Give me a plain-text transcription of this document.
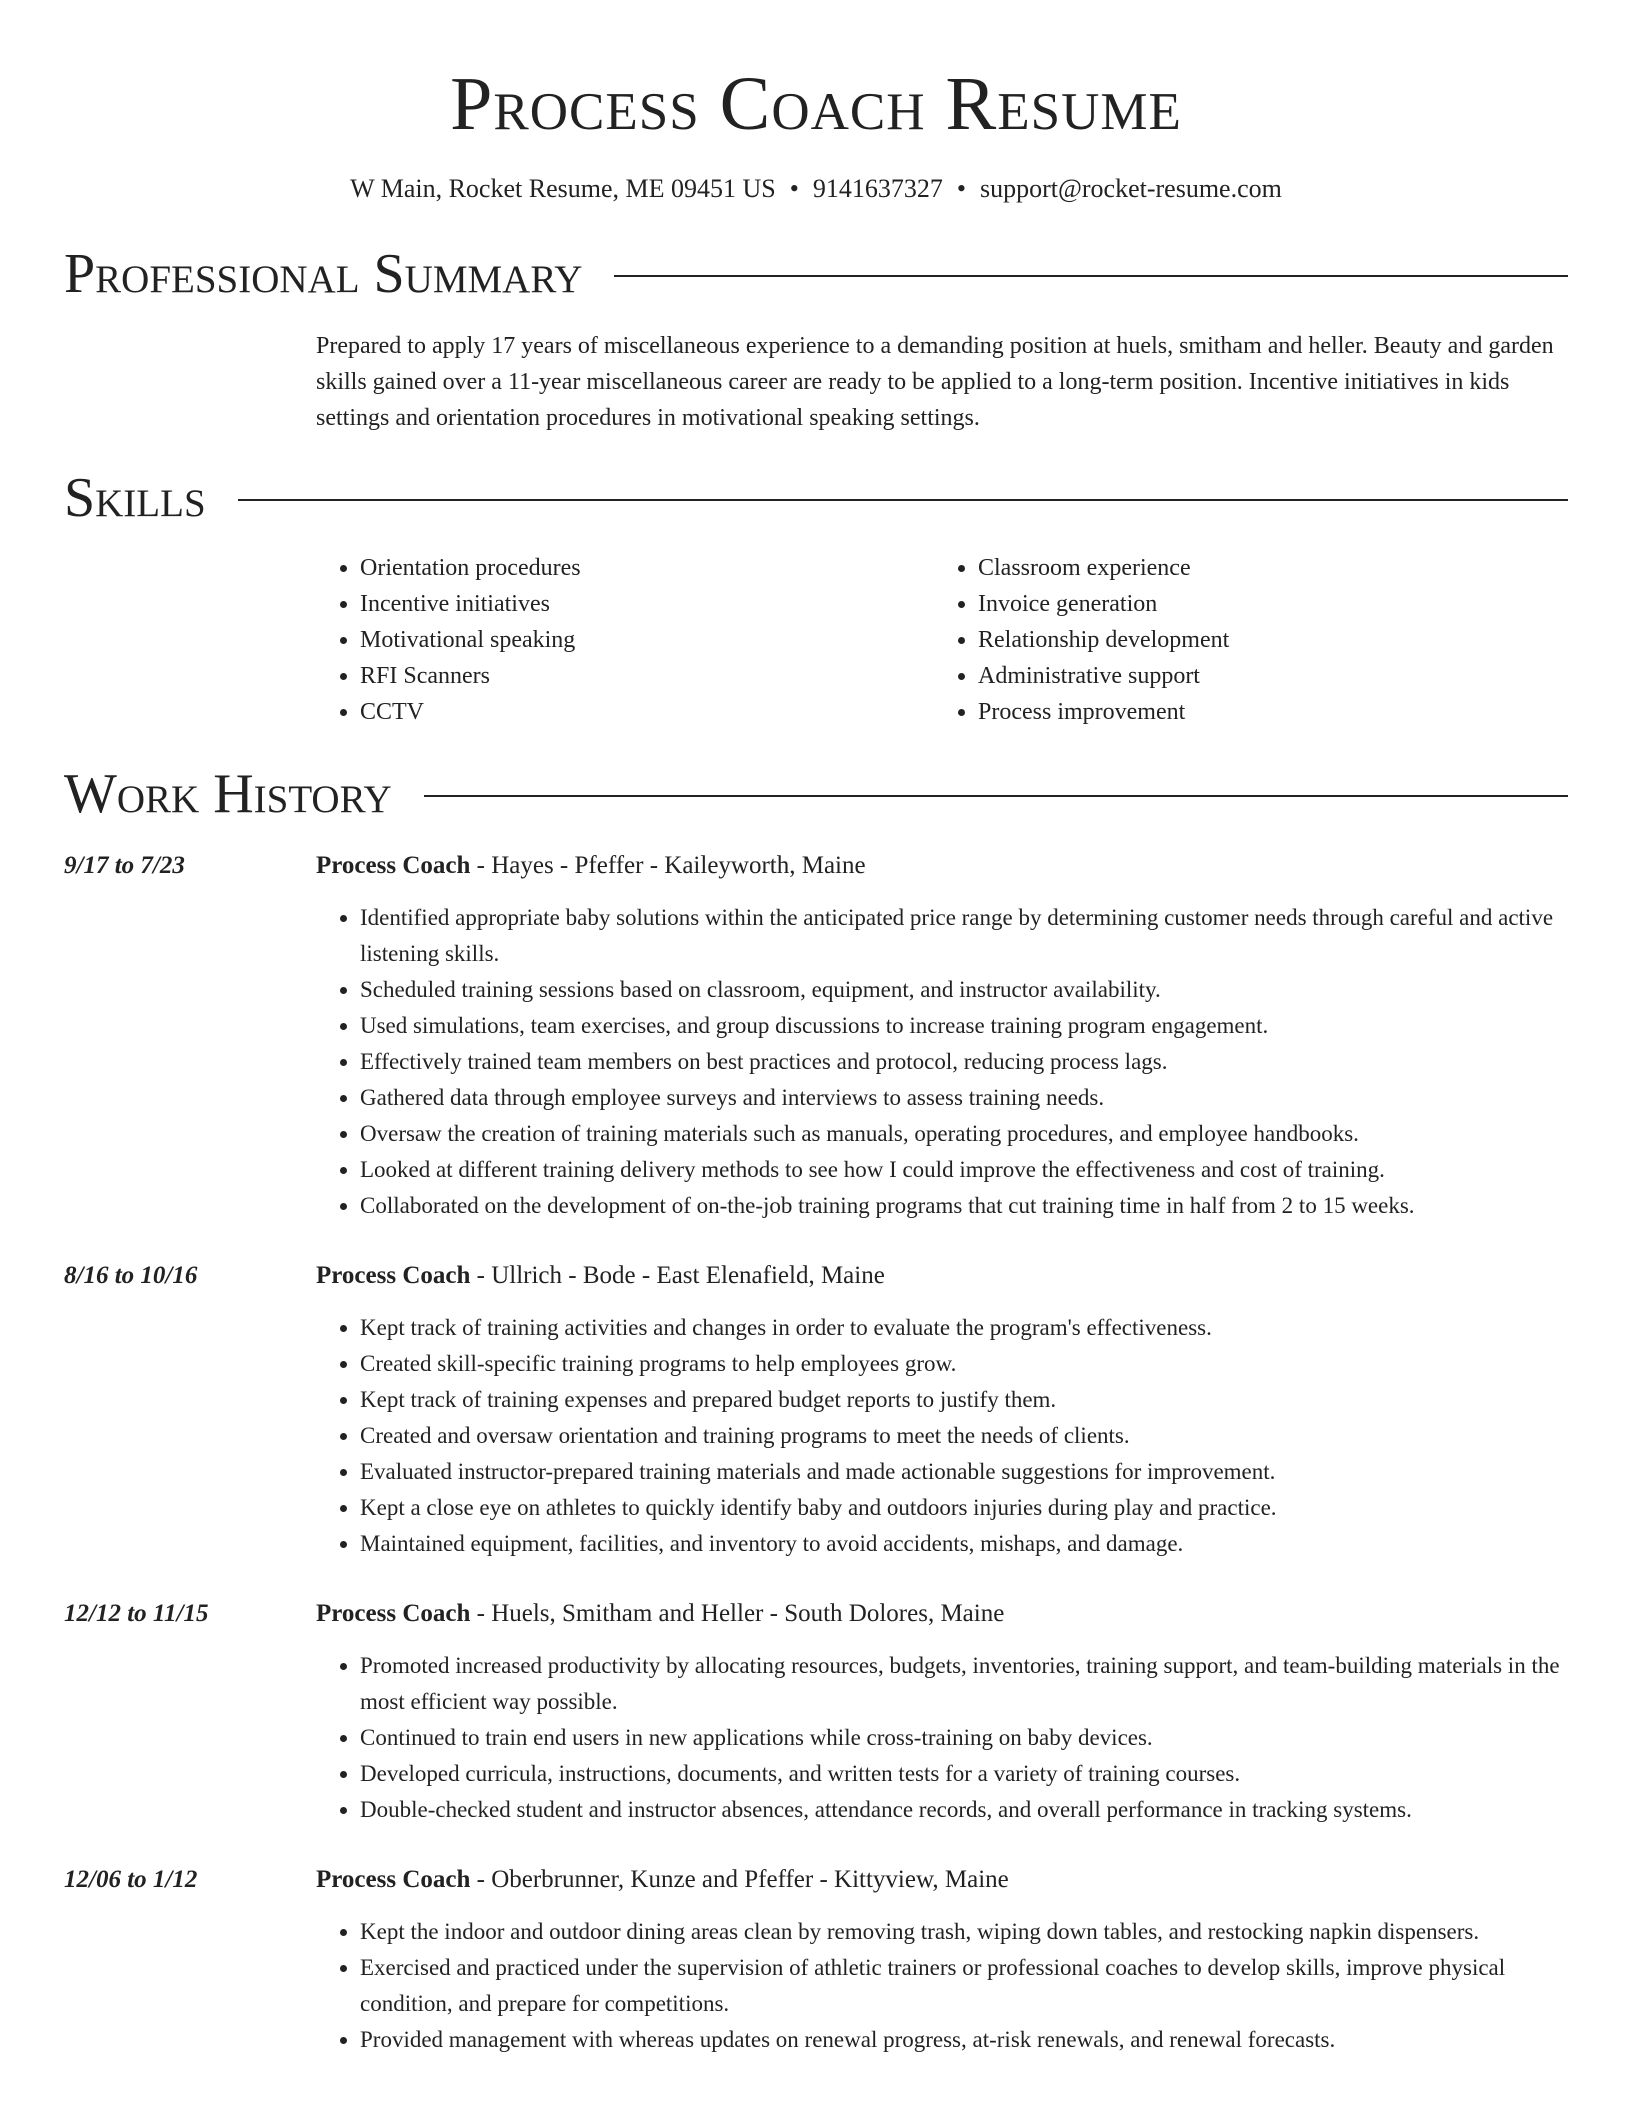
Process Coach Resume
W Main, Rocket Resume, ME 09451 US • 9141637327 • support@rocket-resume.com
Professional Summary
Prepared to apply 17 years of miscellaneous experience to a demanding position at huels, smitham and heller. Beauty and garden skills gained over a 11-year miscellaneous career are ready to be applied to a long-term position. Incentive initiatives in kids settings and orientation procedures in motivational speaking settings.
Skills
• Orientation procedures
• Incentive initiatives
• Motivational speaking
• RFI Scanners
• CCTV
• Classroom experience
• Invoice generation
• Relationship development
• Administrative support
• Process improvement
Work History
9/17 to 7/23	Process Coach - Hayes - Pfeffer - Kaileyworth, Maine
• Identified appropriate baby solutions within the anticipated price range by determining customer needs through careful and active listening skills.
• Scheduled training sessions based on classroom, equipment, and instructor availability.
• Used simulations, team exercises, and group discussions to increase training program engagement.
• Effectively trained team members on best practices and protocol, reducing process lags.
• Gathered data through employee surveys and interviews to assess training needs.
• Oversaw the creation of training materials such as manuals, operating procedures, and employee handbooks.
• Looked at different training delivery methods to see how I could improve the effectiveness and cost of training.
• Collaborated on the development of on-the-job training programs that cut training time in half from 2 to 15 weeks.
8/16 to 10/16	Process Coach - Ullrich - Bode - East Elenafield, Maine
• Kept track of training activities and changes in order to evaluate the program's effectiveness.
• Created skill-specific training programs to help employees grow.
• Kept track of training expenses and prepared budget reports to justify them.
• Created and oversaw orientation and training programs to meet the needs of clients.
• Evaluated instructor-prepared training materials and made actionable suggestions for improvement.
• Kept a close eye on athletes to quickly identify baby and outdoors injuries during play and practice.
• Maintained equipment, facilities, and inventory to avoid accidents, mishaps, and damage.
12/12 to 11/15	Process Coach - Huels, Smitham and Heller - South Dolores, Maine
• Promoted increased productivity by allocating resources, budgets, inventories, training support, and team-building materials in the most efficient way possible.
• Continued to train end users in new applications while cross-training on baby devices.
• Developed curricula, instructions, documents, and written tests for a variety of training courses.
• Double-checked student and instructor absences, attendance records, and overall performance in tracking systems.
12/06 to 1/12	Process Coach - Oberbrunner, Kunze and Pfeffer - Kittyview, Maine
• Kept the indoor and outdoor dining areas clean by removing trash, wiping down tables, and restocking napkin dispensers.
• Exercised and practiced under the supervision of athletic trainers or professional coaches to develop skills, improve physical condition, and prepare for competitions.
• Provided management with whereas updates on renewal progress, at-risk renewals, and renewal forecasts.
